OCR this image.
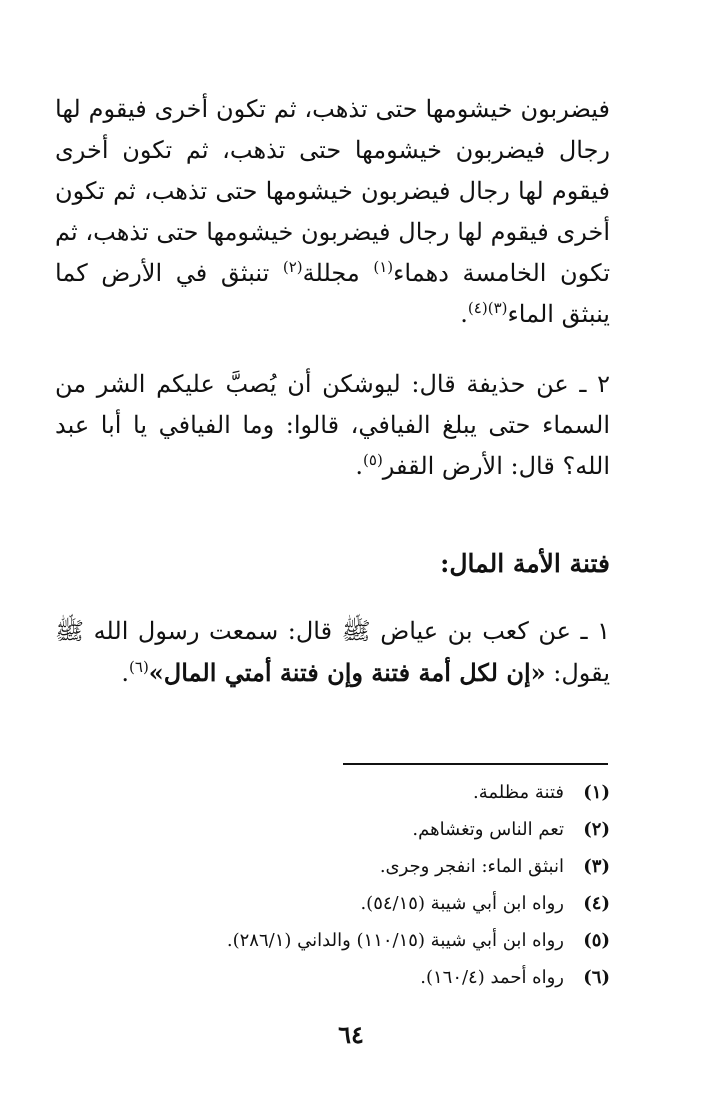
فيضربون خيشومها حتى تذهب، ثم تكون أخرى فيقوم لها رجال فيضربون خيشومها حتى تذهب، ثم تكون أخرى فيقوم لها رجال فيضربون خيشومها حتى تذهب، ثم تكون أخرى فيقوم لها رجال فيضربون خيشومها حتى تذهب، ثم تكون الخامسة دهماء$^{(١)}$ مجللة$^{(٢)}$ تنبثق في الأرض كما ينبثق الماء$^{(٣)(٤)}$.

٢ ـ عن حذيفة قال: ليوشكن أن يُصبَّ عليكم الشر من السماء حتى يبلغ الفيافي، قالوا: وما الفيافي يا أبا عبد الله؟ قال: الأرض القفر$^{(٥)}$.

فتنة الأمة المال:

١ ـ عن كعب بن عياض ﷺ قال: سمعت رسول الله ﷺ يقول: «إن لكل أمة فتنة وإن فتنة أمتي المال»$^{(٦)}$.

(١)فتنة مظلمة.
(٢)تعم الناس وتغشاهم.
(٣)انبثق الماء: انفجر وجرى.
(٤)رواه ابن أبي شيبة (٥٤/١٥).
(٥)رواه ابن أبي شيبة (١١٠/١٥) والداني (٢٨٦/١).
(٦)رواه أحمد (١٦٠/٤).
٦٤
